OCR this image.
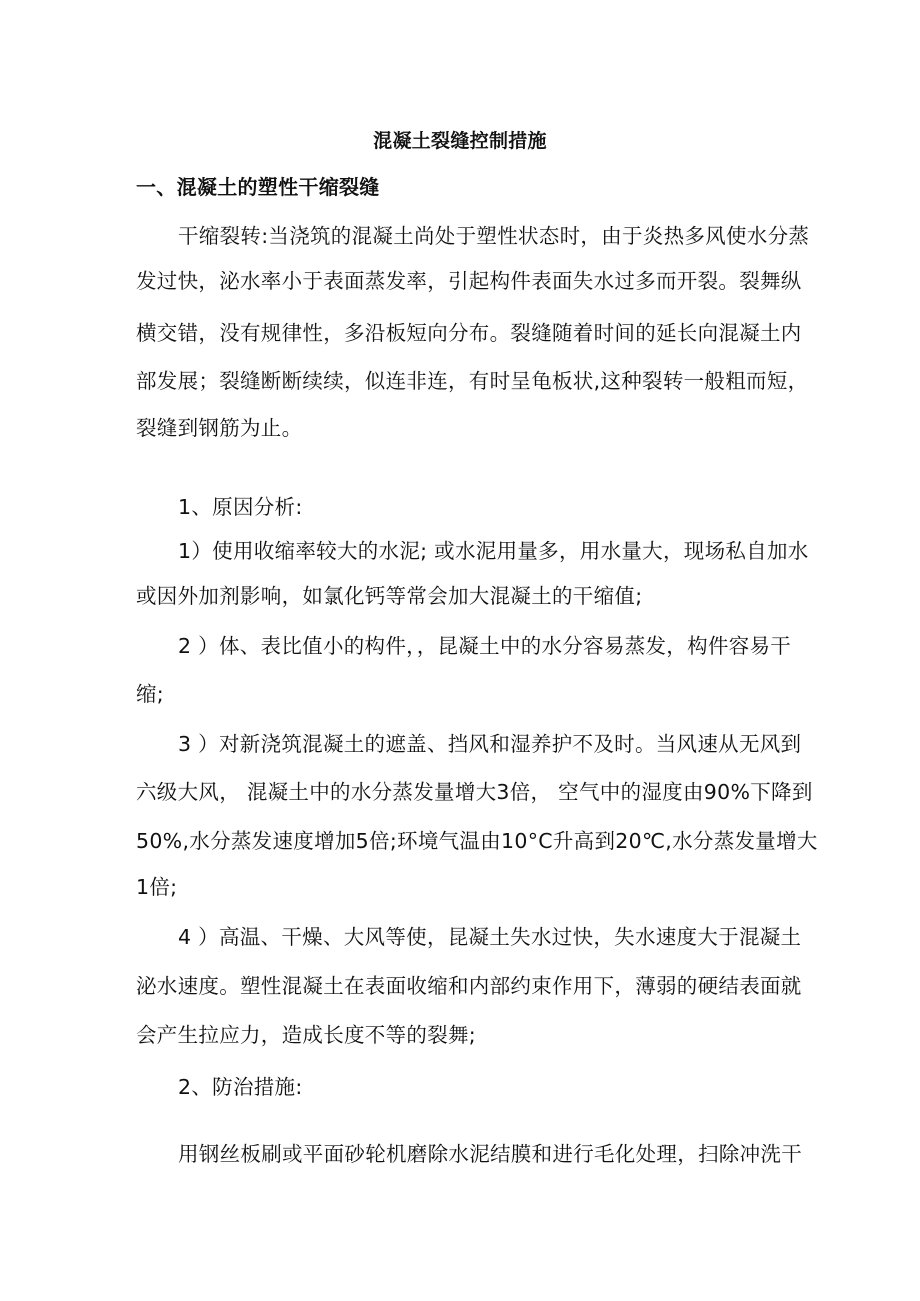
混凝土裂缝控制措施
一、混凝土的塑性干缩裂缝
干缩裂转:当浇筑的混凝土尚处于塑性状态时，由于炎热多风使水分蒸
发过快，泌水率小于表面蒸发率，引起构件表面失水过多而开裂。裂舞纵
横交错，没有规律性，多沿板短向分布。裂缝随着时间的延长向混凝土内
部发展；裂缝断断续续，似连非连，有时呈龟板状,这种裂转一般粗而短，
裂缝到钢筋为止。
1、原因分析:
1）使用收缩率较大的水泥; 或水泥用量多，用水量大，现场私自加水
或因外加剂影响，如氯化钙等常会加大混凝土的干缩值;
2 ）体、表比值小的构件，，昆凝土中的水分容易蒸发，构件容易干
缩;
3 ）对新浇筑混凝土的遮盖、挡风和湿养护不及时。当风速从无风到
六级大风， 混凝土中的水分蒸发量增大3倍， 空气中的湿度由90%下降到
50%,水分蒸发速度增加5倍;环境气温由10°C升高到20℃,水分蒸发量增大
1倍;
4 ）高温、干燥、大风等使，昆凝土失水过快，失水速度大于混凝土
泌水速度。塑性混凝土在表面收缩和内部约束作用下，薄弱的硬结表面就
会产生拉应力，造成长度不等的裂舞;
2、防治措施:
用钢丝板刷或平面砂轮机磨除水泥结膜和进行毛化处理，扫除冲洗干
